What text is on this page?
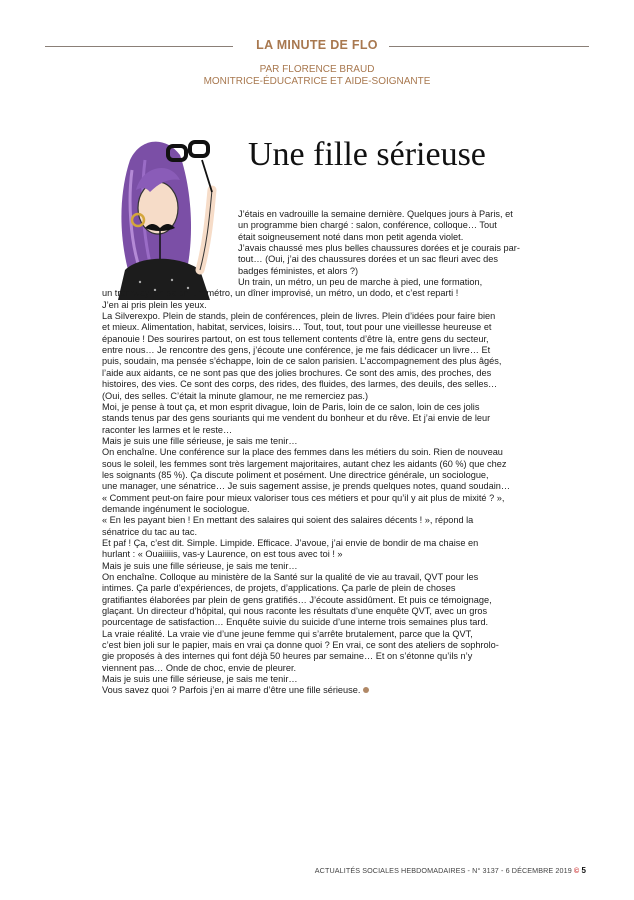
LA MINUTE DE FLO
PAR FLORENCE BRAUD
MONITRICE-ÉDUCATRICE ET AIDE-SOIGNANTE
Une fille sérieuse

J’étais en vadrouille la semaine dernière. Quelques jours à Paris, et

un programme bien chargé : salon, conférence, colloque… Tout

était soigneusement noté dans mon petit agenda violet.

J’avais chaussé mes plus belles chaussures dorées et je courais par-

tout… (Oui, j’ai des chaussures dorées et un sac fleuri avec des

badges féministes, et alors ?)

Un train, un métro, un peu de marche à pied, une formation,

un tramway, un salon, un métro, un dîner improvisé, un métro, un dodo, et c’est reparti !

J’en ai pris plein les yeux.

La Silverexpo. Plein de stands, plein de conférences, plein de livres. Plein d’idées pour faire bien

et mieux. Alimentation, habitat, services, loisirs… Tout, tout, tout pour une vieillesse heureuse et

épanouie ! Des sourires partout, on est tous tellement contents d’être là, entre gens du secteur,

entre nous… Je rencontre des gens, j’écoute une conférence, je me fais dédicacer un livre… Et

puis, soudain, ma pensée s’échappe, loin de ce salon parisien. L’accompagnement des plus âgés,

l’aide aux aidants, ce ne sont pas que des jolies brochures. Ce sont des amis, des proches, des

histoires, des vies. Ce sont des corps, des rides, des fluides, des larmes, des deuils, des selles…

(Oui, des selles. C’était la minute glamour, ne me remerciez pas.)

Moi, je pense à tout ça, et mon esprit divague, loin de Paris, loin de ce salon, loin de ces jolis

stands tenus par des gens souriants qui me vendent du bonheur et du rêve. Et j’ai envie de leur

raconter les larmes et le reste…

Mais je suis une fille sérieuse, je sais me tenir…

On enchaîne. Une conférence sur la place des femmes dans les métiers du soin. Rien de nouveau

sous le soleil, les femmes sont très largement majoritaires, autant chez les aidants (60 %) que chez

les soignants (85 %). Ça discute poliment et posément. Une directrice générale, un sociologue,

une manager, une sénatrice… Je suis sagement assise, je prends quelques notes, quand soudain…

« Comment peut-on faire pour mieux valoriser tous ces métiers et pour qu’il y ait plus de mixité ? »,

demande ingénument le sociologue.

« En les payant bien ! En mettant des salaires qui soient des salaires décents ! », répond la

sénatrice du tac au tac.

Et paf ! Ça, c’est dit. Simple. Limpide. Efficace. J’avoue, j’ai envie de bondir de ma chaise en

hurlant : « Ouaiiiiis, vas-y Laurence, on est tous avec toi ! »

Mais je suis une fille sérieuse, je sais me tenir…

On enchaîne. Colloque au ministère de la Santé sur la qualité de vie au travail, QVT pour les

intimes. Ça parle d’expériences, de projets, d’applications. Ça parle de plein de choses

gratifiantes élaborées par plein de gens gratifiés… J’écoute assidûment. Et puis ce témoignage,

glaçant. Un directeur d’hôpital, qui nous raconte les résultats d’une enquête QVT, avec un gros

pourcentage de satisfaction… Enquête suivie du suicide d’une interne trois semaines plus tard.

La vraie réalité. La vraie vie d’une jeune femme qui s’arrête brutalement, parce que la QVT,

c’est bien joli sur le papier, mais en vrai ça donne quoi ? En vrai, ce sont des ateliers de sophrolo-

gie proposés à des internes qui font déjà 50 heures par semaine… Et on s’étonne qu’ils n’y

viennent pas… Onde de choc, envie de pleurer.

Mais je suis une fille sérieuse, je sais me tenir…

Vous savez quoi ? Parfois j’en ai marre d’être une fille sérieuse.

ACTUALITÉS SOCIALES HEBDOMADAIRES - N° 3137 - 6 DÉCEMBRE 2019 © 5
